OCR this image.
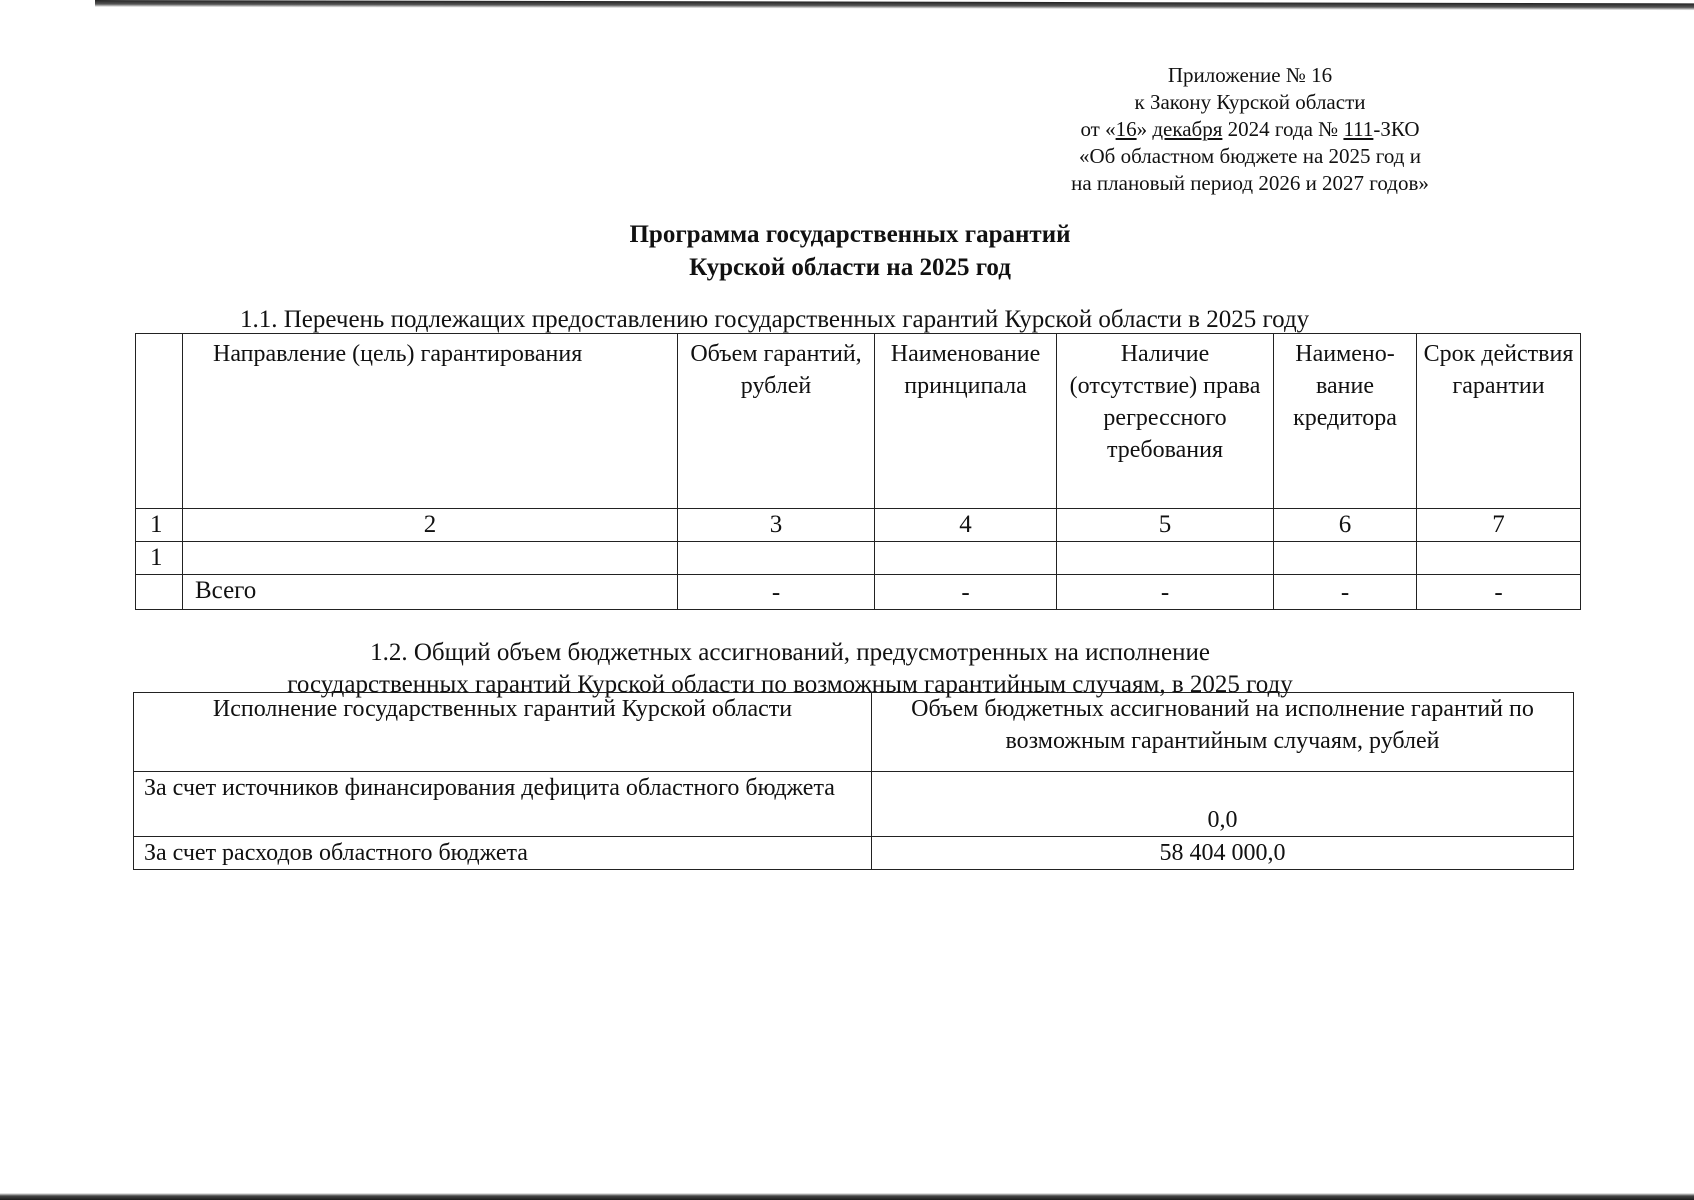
Приложение № 16
к Закону Курской области
от «16» декабря 2024 года № 111-ЗКО
«Об областном бюджете на 2025 год и
на плановый период 2026 и 2027 годов»
Программа государственных гарантий
Курской области на 2025 год
1.1. Перечень подлежащих предоставлению государственных гарантий Курской области в 2025 году
	Направление (цель) гарантирования	Объем гарантий, рублей	Наименование принципала	Наличие (отсутствие) права регрессного требования	Наимено-вание кредитора	Срок действия гарантии
1	2	3	4	5	6	7
1						
	Всего	-	-	-	-	-
1.2. Общий объем бюджетных ассигнований, предусмотренных на исполнение
государственных гарантий Курской области по возможным гарантийным случаям, в 2025 году
Исполнение государственных гарантий Курской области	Объем бюджетных ассигнований на исполнение гарантий по возможным гарантийным случаям, рублей
За счет источников финансирования дефицита областного бюджета	0,0
За счет расходов областного бюджета	58 404 000,0
